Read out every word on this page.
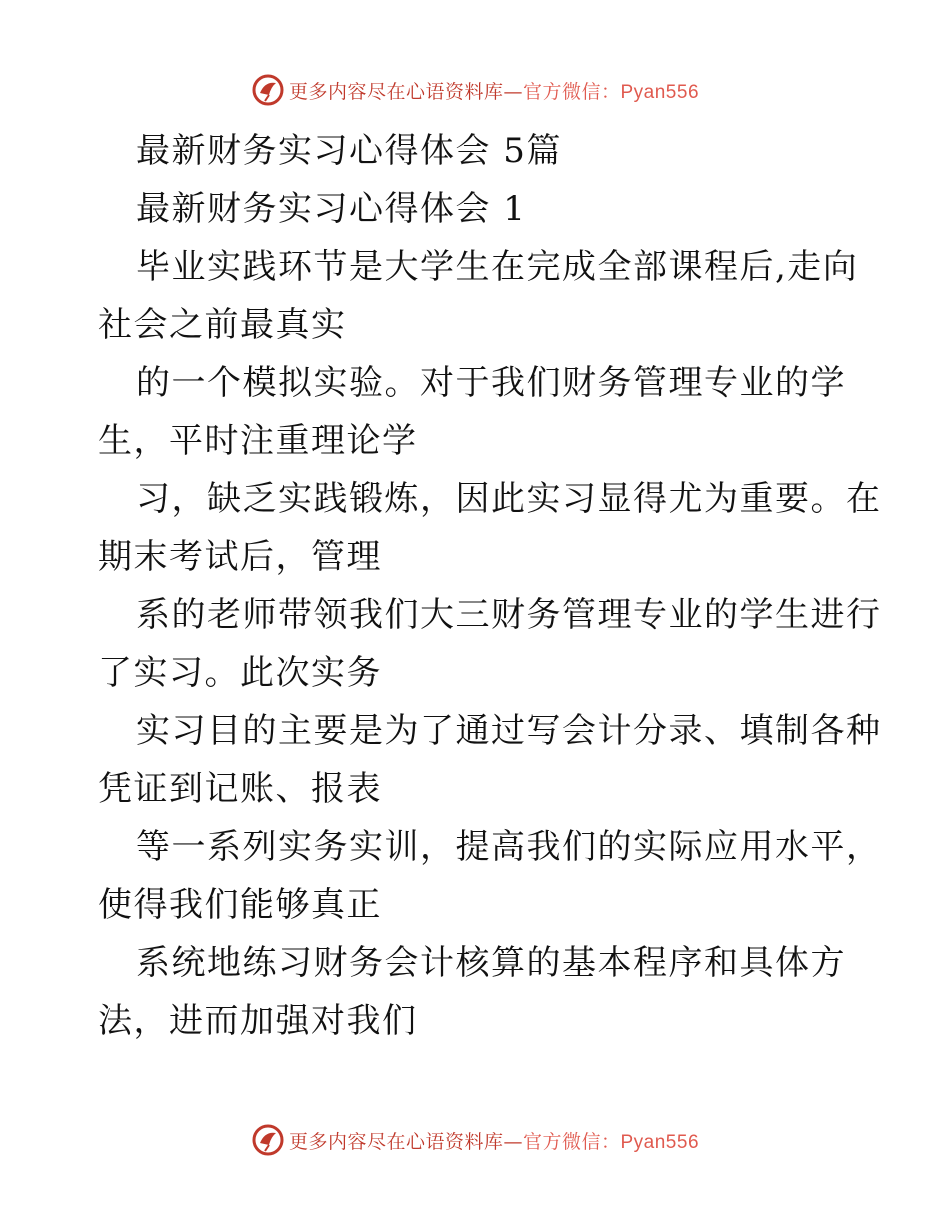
更多内容尽在心语资料库—官方微信：Pyan556
最新财务实习心得体会 5篇
最新财务实习心得体会 1
毕业实践环节是大学生在完成全部课程后,走向
社会之前最真实
的一个模拟实验。对于我们财务管理专业的学
生，平时注重理论学
习，缺乏实践锻炼，因此实习显得尤为重要。在
期末考试后，管理
系的老师带领我们大三财务管理专业的学生进行
了实习。此次实务
实习目的主要是为了通过写会计分录、填制各种
凭证到记账、报表
等一系列实务实训，提高我们的实际应用水平，
使得我们能够真正
系统地练习财务会计核算的基本程序和具体方
法，进而加强对我们
更多内容尽在心语资料库—官方微信：Pyan556
